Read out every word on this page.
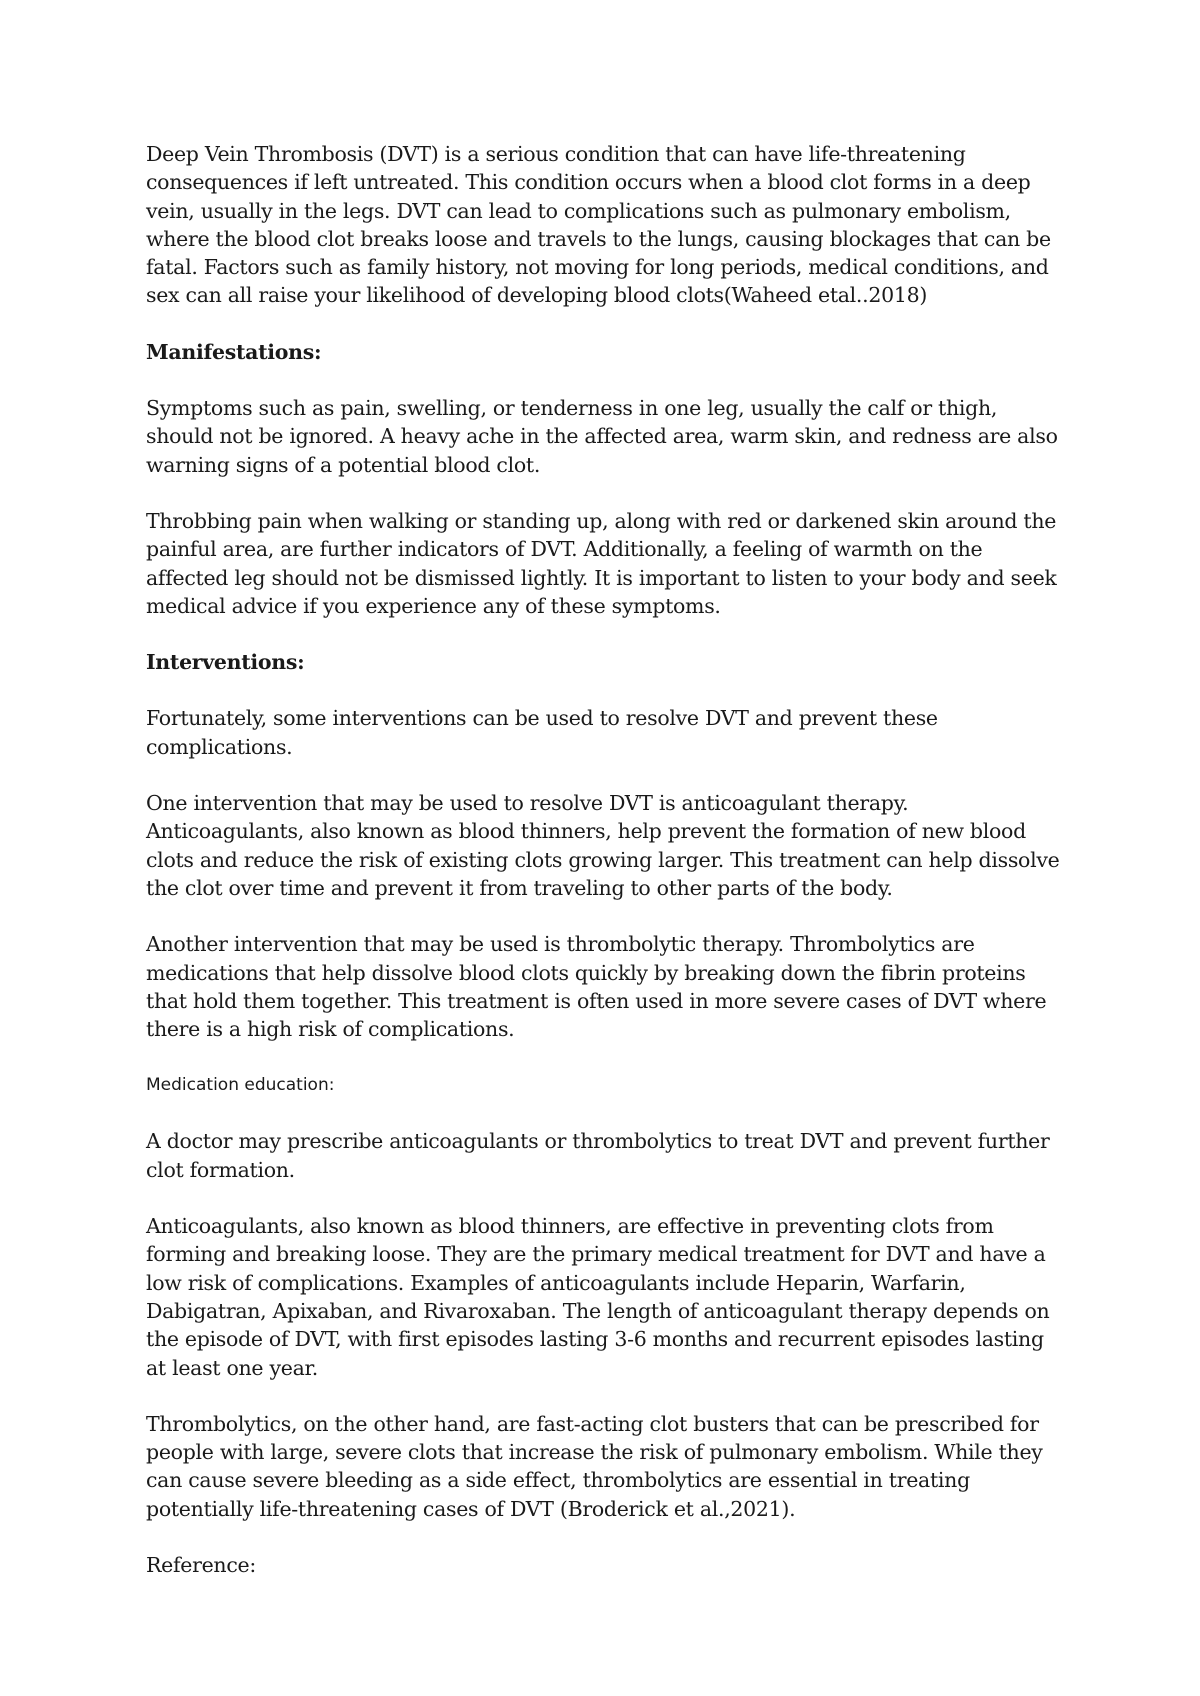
Deep Vein Thrombosis (DVT) is a serious condition that can have life-threatening consequences if left untreated. This condition occurs when a blood clot forms in a deep vein, usually in the legs. DVT can lead to complications such as pulmonary embolism, where the blood clot breaks loose and travels to the lungs, causing blockages that can be fatal. Factors such as family history, not moving for long periods, medical conditions, and sex can all raise your likelihood of developing blood clots(Waheed etal..2018)

Manifestations:

Symptoms such as pain, swelling, or tenderness in one leg, usually the calf or thigh, should not be ignored. A heavy ache in the affected area, warm skin, and redness are also warning signs of a potential blood clot.

Throbbing pain when walking or standing up, along with red or darkened skin around the painful area, are further indicators of DVT. Additionally, a feeling of warmth on the affected leg should not be dismissed lightly. It is important to listen to your body and seek medical advice if you experience any of these symptoms.

Interventions:

Fortunately, some interventions can be used to resolve DVT and prevent these complications.

One intervention that may be used to resolve DVT is anticoagulant therapy. Anticoagulants, also known as blood thinners, help prevent the formation of new blood clots and reduce the risk of existing clots growing larger. This treatment can help dissolve the clot over time and prevent it from traveling to other parts of the body.

Another intervention that may be used is thrombolytic therapy. Thrombolytics are medications that help dissolve blood clots quickly by breaking down the fibrin proteins that hold them together. This treatment is often used in more severe cases of DVT where there is a high risk of complications.

Medication education:

A doctor may prescribe anticoagulants or thrombolytics to treat DVT and prevent further clot formation.

Anticoagulants, also known as blood thinners, are effective in preventing clots from forming and breaking loose. They are the primary medical treatment for DVT and have a low risk of complications. Examples of anticoagulants include Heparin, Warfarin, Dabigatran, Apixaban, and Rivaroxaban. The length of anticoagulant therapy depends on the episode of DVT, with first episodes lasting 3-6 months and recurrent episodes lasting at least one year.

Thrombolytics, on the other hand, are fast-acting clot busters that can be prescribed for people with large, severe clots that increase the risk of pulmonary embolism. While they can cause severe bleeding as a side effect, thrombolytics are essential in treating potentially life-threatening cases of DVT (Broderick et al.,2021).

Reference:
